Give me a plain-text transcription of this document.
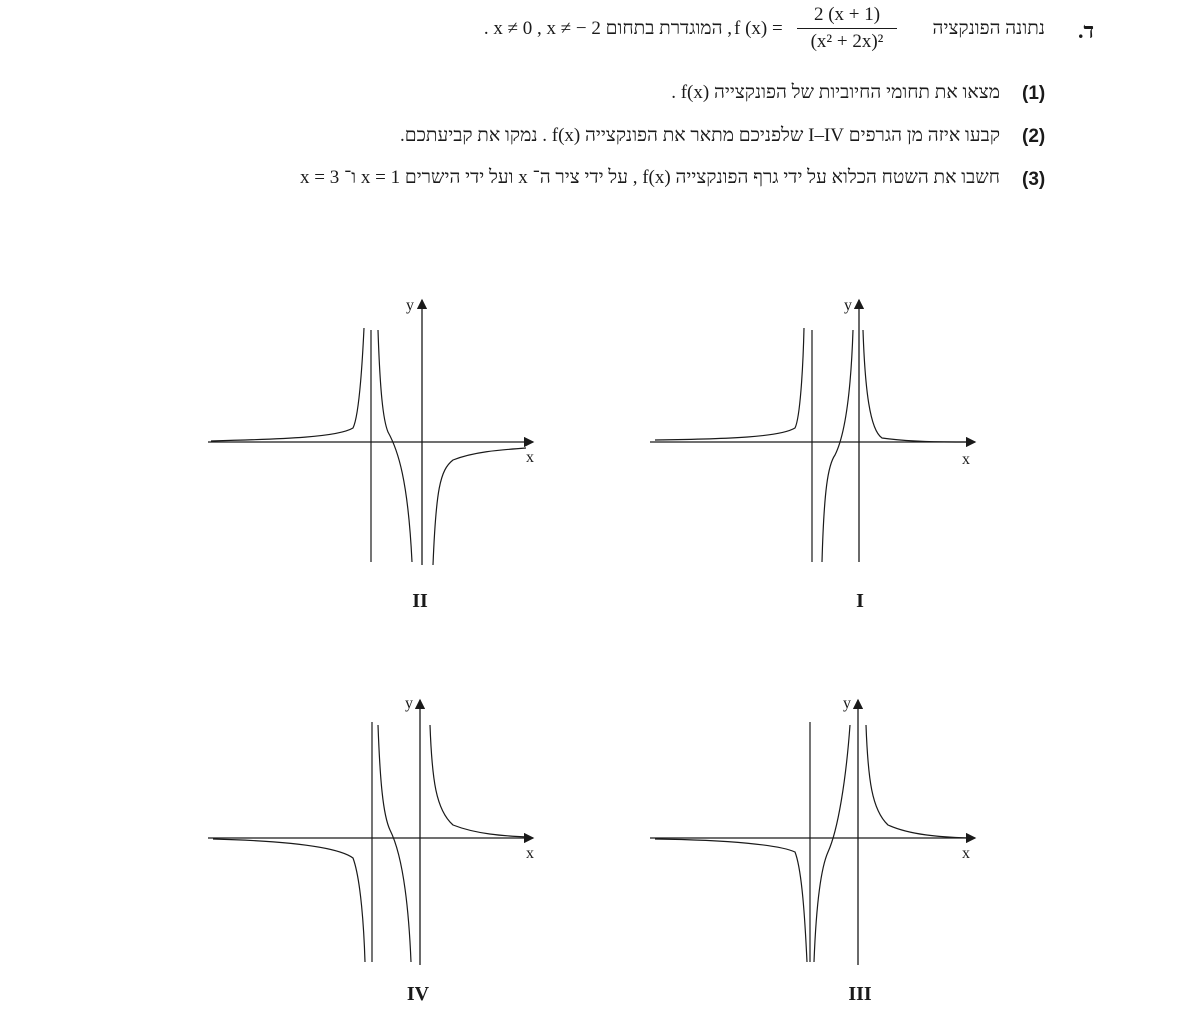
ד.
נתונה הפונקציה
f $(x) = \frac{2 (x + 1)}{\text{(x² + 2x)²}}$
, המוגדרת בתחום x ≠ 0 , x ≠ − 2 .
(1)
מצאו את תחומי החיוביות של הפונקצייה f(x) .
(2)
קבעו איזה מן הגרפים I–IV שלפניכם מתאר את הפונקצייה f(x) . נמקו את קביעתכם.
(3)
חשבו את השטח הכלוא על ידי גרף הפונקצייה f(x) , על ידי ציר ה־ x ועל ידי הישרים x = 1 ו־ x = 3
y
x
I
y
x
II
y
x
III
y
x
IV
